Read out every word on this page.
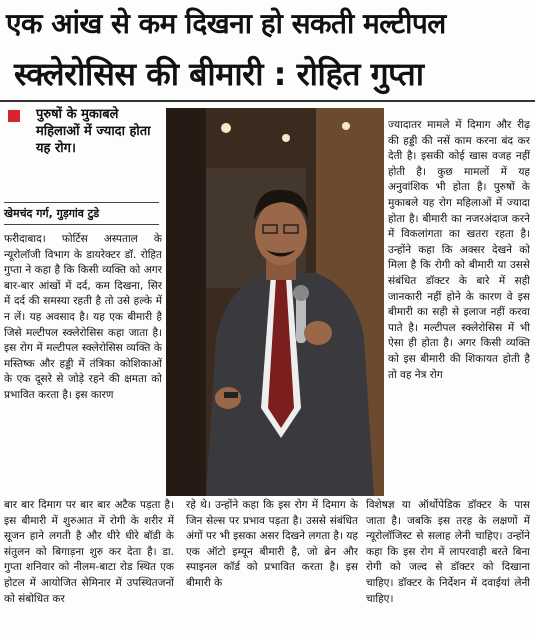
एक आंख से कम दिखना हो सकती मल्टीपल
स्क्लेरोसिस की बीमारी : रोहित गुप्ता
पुरुषों के मुकाबले महिलाओं में ज्यादा होता यह रोग।
खेमचंद गर्ग, गुड़गांव टुडे
फरीदाबाद। फोर्टिस अस्पताल के न्यूरोलॉजी विभाग के डायरेक्टर डॉ. रोहित गुप्ता ने कहा है कि किसी व्यक्ति को अगर बार-बार आंखों में दर्द, कम दिखना, सिर में दर्द की समस्या रहती है तो उसे हल्के में न लें। यह अवसाद है। यह एक बीमारी है जिसे मल्टीपल स्क्लेरोसिस कहा जाता है। इस रोग में मल्टीपल स्क्लेरोसिस व्यक्ति के मस्तिष्क और हड्डी में तंत्रिका कोशिकाओं के एक दूसरे से जोड़े रहने की क्षमता को प्रभावित करता है। इस कारण
ज्यादातर मामले में दिमाग और रीढ़ की हड्डी की नसें काम करना बंद कर देती है। इसकी कोई खास वजह नहीं होती है। कुछ मामलों में यह अनुवांशिक भी होता है। पुरुषों के मुकाबले यह रोग महिलाओं में ज्यादा होता है। बीमारी का नजरअंदाज करने में विकलांगता का खतरा रहता है। उन्होंने कहा कि अक्सर देखने को मिला है कि रोगी को बीमारी या उससे संबंधित डॉक्टर के बारे में सही जानकारी नहीं होने के कारण वे इस बीमारी का सही से इलाज नहीं करवा पाते है। मल्टीपल स्क्लेरोसिस में भी ऐसा ही होता है। अगर किसी व्यक्ति को इस बीमारी की शिकायत होती है तो वह नेत्र रोग
बार बार दिमाग पर बार बार अटैक पड़ता है। इस बीमारी में शुरुआत में रोगी के शरीर में सूजन हाने लगती है और धीरे धीरे बॉडी के संतुलन को बिगाड़ना शुरु कर देता है। डा. गुप्ता शनिवार को नीलम-बाटा रोड स्थित एक होटल में आयोजित सेमिनार में उपस्थितजनों को संबोधित कर
रहे थे। उन्होंने कहा कि इस रोग में दिमाग के जिन सेल्स पर प्रभाव पड़ता है। उससे संबंधित अंगों पर भी इसका असर दिखने लगता है। यह एक ऑटो इम्यून बीमारी है, जो ब्रेन और स्पाइनल कॉर्ड को प्रभावित करता है। इस बीमारी के
विशेषज्ञ या ऑर्थोपेडिक डॉक्टर के पास जाता है। जबकि इस तरह के लक्षणों में न्यूरोलॉजिस्ट से सलाह लेनी चाहिए। उन्होंने कहा कि इस रोग में लापरवाही बरते बिना रोगी को जल्द से डॉक्टर को दिखाना चाहिए। डॉक्टर के निर्देशन में दवाईयां लेनी चाहिए।
